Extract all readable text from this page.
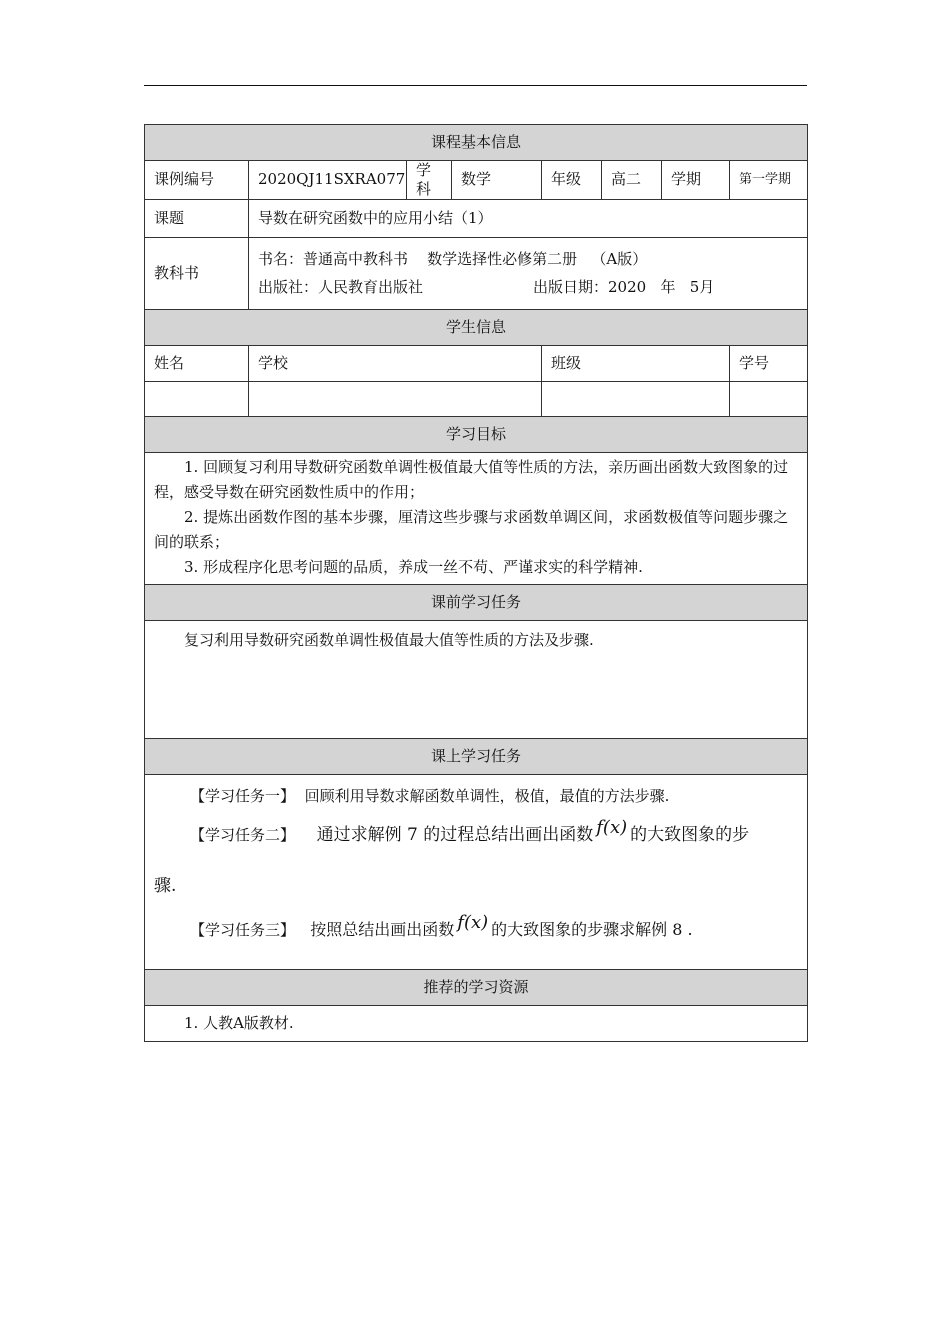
课程基本信息							
课例编号	2020QJ11SXRA077	学科	数学	年级	高二	学期	第一学期
课题	导数在研究函数中的应用小结（1）						
教科书	书名：普通高中教科书    数学选择性必修第二册   （A版）
出版社：人民教育出版社 出版日期：2020   年   5月						

学生信息							
姓名	学校			班级			学号

学习目标							

1. 回顾复习利用导数研究函数单调性极值最大值等性质的方法，亲历画出函数大致图象的过程，感受导数在研究函数性质中的作用；

2. 提炼出函数作图的基本步骤，厘清这些步骤与求函数单调区间，求函数极值等问题步骤之间的联系；

3. 形成程序化思考问题的品质，养成一丝不苟、严谨求实的科学精神.							

课前学习任务							

复习利用导数研究函数单调性极值最大值等性质的方法及步骤.							

课上学习任务							

【学习任务一】 回顾利用导数求解函数单调性，极值，最值的方法步骤.

【学习任务二】 通过求解例 7 的过程总结出画出函数 f(x) 的大致图象的步

骤.

【学习任务三】 按照总结出画出函数 f(x) 的大致图象的步骤求解例 8 .							

推荐的学习资源							

1. 人教A版教材.							
